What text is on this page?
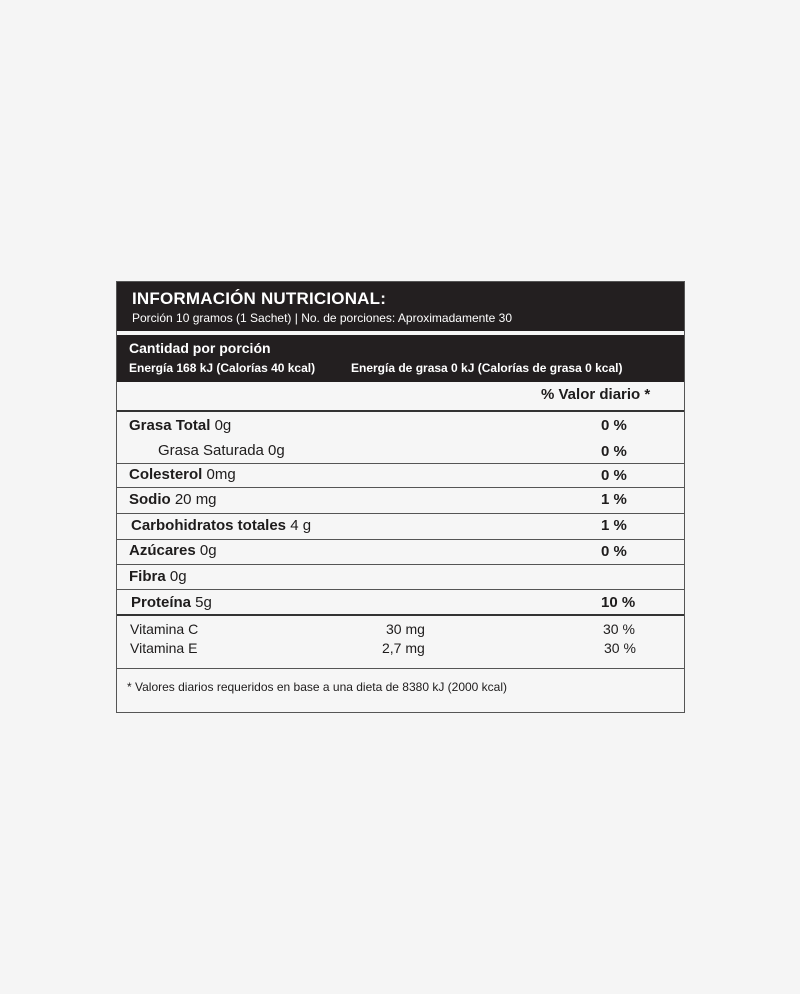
INFORMACIÓN NUTRICIONAL:
Porción 10 gramos (1 Sachet) | No. de porciones: Aproximadamente 30
Cantidad por porción
Energía 168 kJ (Calorías 40 kcal)	Energía de grasa 0 kJ (Calorías de grasa 0 kcal)
% Valor diario *
Grasa Total 0g	0 %
Grasa Saturada 0g	0 %
Colesterol 0mg	0 %
Sodio 20 mg	1 %
Carbohidratos totales 4 g	1 %
Azúcares 0g	0 %
Fibra 0g
Proteína 5g	10 %
Vitamina C	30 mg	30 %
Vitamina E	2,7 mg	30 %
* Valores diarios requeridos en base a una dieta de 8380 kJ (2000 kcal)
